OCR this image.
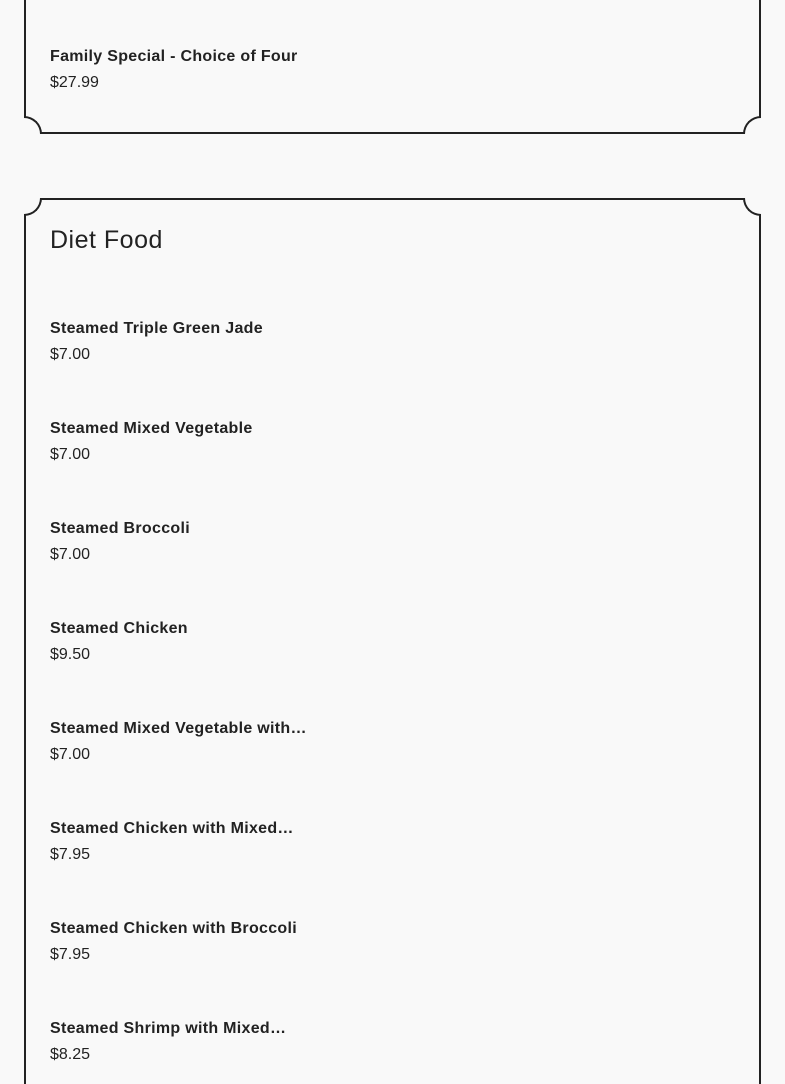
Family Special - Choice of Four
$27.99
Diet Food
Steamed Triple Green Jade
$7.00
Steamed Mixed Vegetable
$7.00
Steamed Broccoli
$7.00
Steamed Chicken
$9.50
Steamed Mixed Vegetable with…
$7.00
Steamed Chicken with Mixed…
$7.95
Steamed Chicken with Broccoli
$7.95
Steamed Shrimp with Mixed…
$8.25
